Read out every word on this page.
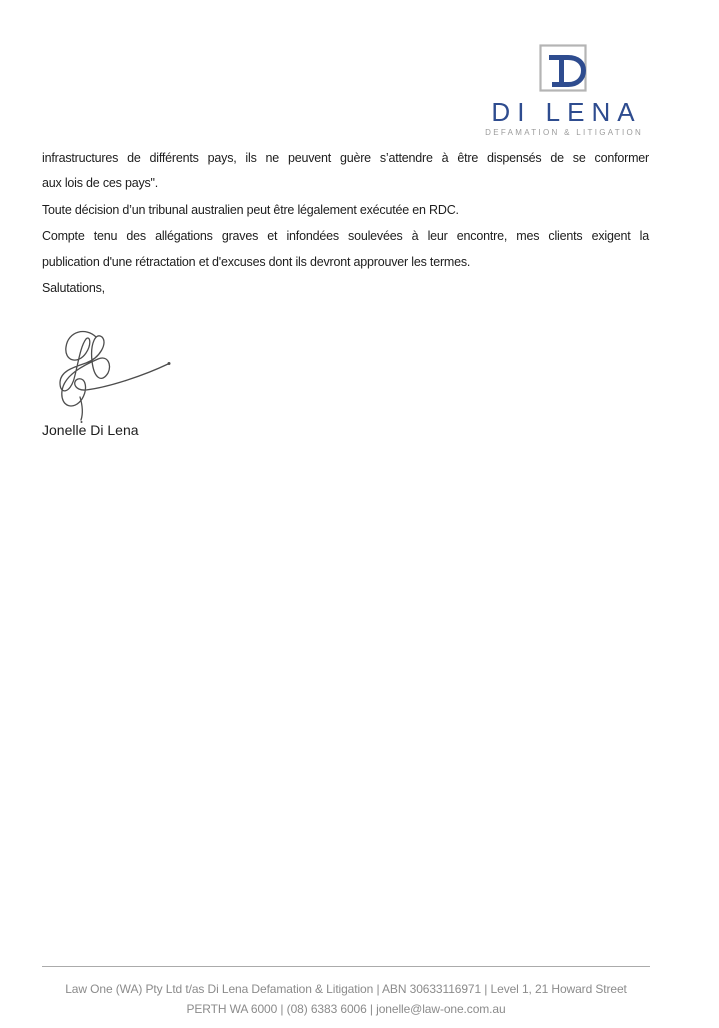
DI LENA
DEFAMATION & LITIGATION

infrastructures de différents pays, ils ne peuvent guère s’attendre à être dispensés de se conformer
aux lois de ces pays".

Toute décision d’un tribunal australien peut être légalement exécutée en RDC.

Compte tenu des allégations graves et infondées soulevées à leur encontre, mes clients exigent la
publication d'une rétractation et d'excuses dont ils devront approuver les termes.

Salutations,

Jonelle Di Lena
Law One (WA) Pty Ltd t/as Di Lena Defamation & Litigation | ABN 30633116971 | Level 1, 21 Howard Street
PERTH WA 6000 | (08) 6383 6006 | jonelle@law-one.com.au
